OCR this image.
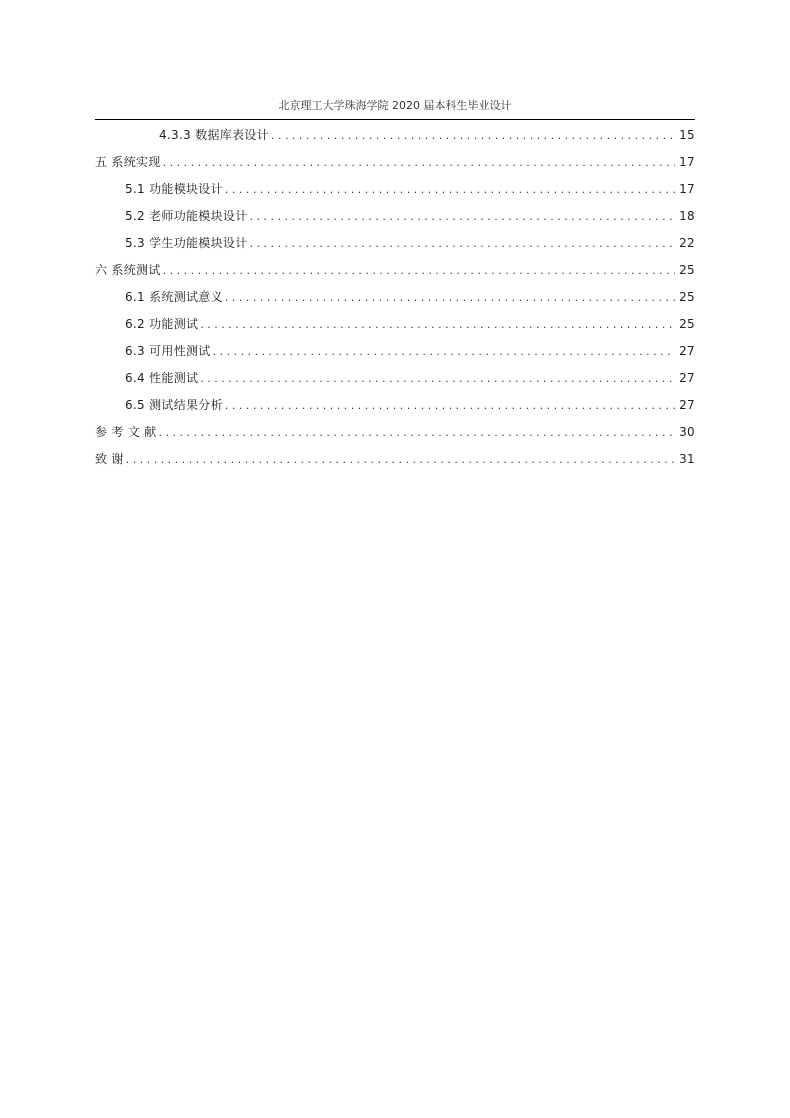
北京理工大学珠海学院 2020 届本科生毕业设计
4.3.3 数据库表设计 . . .	15
五 系统实现 . . .	17
5.1 功能模块设计 . . .	17
5.2 老师功能模块设计 . . .	18
5.3 学生功能模块设计 . . .	22
六 系统测试 . . .	25
6.1 系统测试意义 . . .	25
6.2 功能测试 . . .	25
6.3 可用性测试 . . .	27
6.4 性能测试 . . .	27
6.5 测试结果分析 . . .	27
参 考 文 献 . . .	30
致 谢 . . .	31
